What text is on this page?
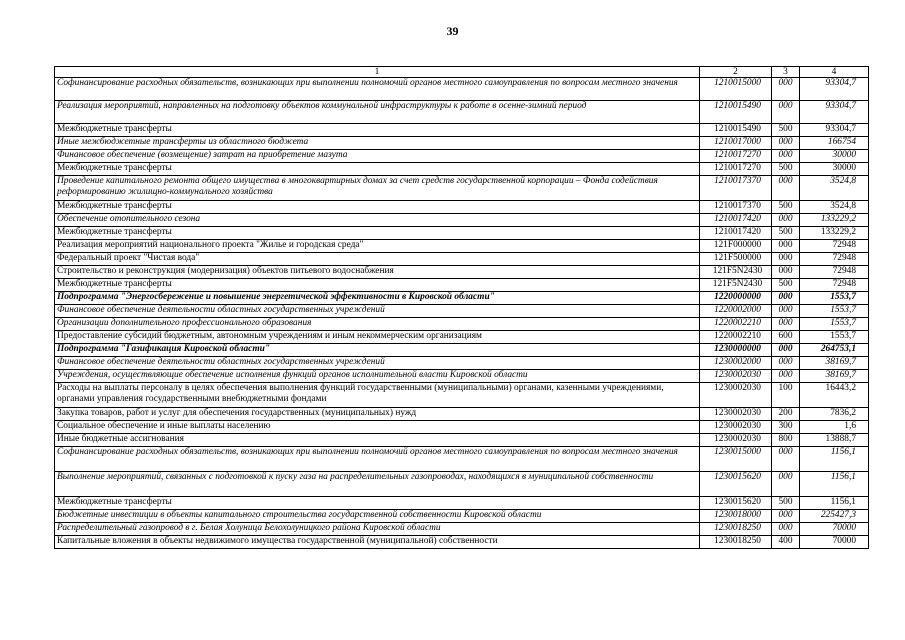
39
1	2	3	4
Софинансирование расходных обязательств, возникающих при выполнении полномочий органов местного самоуправления по вопросам местного значения	1210015000	000	93304,7
Реализация мероприятий, направленных на подготовку объектов коммунальной инфраструктуры к работе в осенне-зимний период	1210015490	000	93304,7
Межбюджетные трансферты	1210015490	500	93304,7
Иные межбюджетные трансферты из областного бюджета	1210017000	000	166754
Финансовое обеспечение (возмещение) затрат на приобретение мазута	1210017270	000	30000
Межбюджетные трансферты	1210017270	500	30000
Проведение капитального ремонта общего имущества в многоквартирных домах за счет средств государственной корпорации – Фонда содействия реформированию жилищно-коммунального хозяйства	1210017370	000	3524,8
Межбюджетные трансферты	1210017370	500	3524,8
Обеспечение отопительного сезона	1210017420	000	133229,2
Межбюджетные трансферты	1210017420	500	133229,2
Реализация мероприятий национального проекта "Жилье и городская среда"	121F000000	000	72948
Федеральный проект "Чистая вода"	121F500000	000	72948
Строительство и реконструкция (модернизация) объектов питьевого водоснабжения	121F5N2430	000	72948
Межбюджетные трансферты	121F5N2430	500	72948
Подпрограмма "Энергосбережение и повышение энергетической эффективности в Кировской области"	1220000000	000	1553,7
Финансовое обеспечение деятельности областных государственных учреждений	1220002000	000	1553,7
Организации дополнительного профессионального образования	1220002210	000	1553,7
Предоставление субсидий бюджетным, автономным учреждениям и иным некоммерческим организациям	1220002210	600	1553,7
Подпрограмма "Газификация Кировской области"	1230000000	000	264753,1
Финансовое обеспечение деятельности областных государственных учреждений	1230002000	000	38169,7
Учреждения, осуществляющие обеспечение исполнения функций органов исполнительной власти Кировской области	1230002030	000	38169,7
Расходы на выплаты персоналу в целях обеспечения выполнения функций государственными (муниципальными) органами, казенными учреждениями, органами управления государственными внебюджетными фондами	1230002030	100	16443,2
Закупка товаров, работ и услуг для обеспечения государственных (муниципальных) нужд	1230002030	200	7836,2
Социальное обеспечение и иные выплаты населению	1230002030	300	1,6
Иные бюджетные ассигнования	1230002030	800	13888,7
Софинансирование расходных обязательств, возникающих при выполнении полномочий органов местного самоуправления по вопросам местного значения	1230015000	000	1156,1
Выполнение мероприятий, связанных с подготовкой к пуску газа на распределительных газопроводах, находящихся в муниципальной собственности	1230015620	000	1156,1
Межбюджетные трансферты	1230015620	500	1156,1
Бюджетные инвестиции в объекты капитального строительства государственной собственности Кировской области	1230018000	000	225427,3
Распределительный газопровод в г. Белая Холуница Белохолуницкого района Кировской области	1230018250	000	70000
Капитальные вложения в объекты недвижимого имущества государственной (муниципальной) собственности	1230018250	400	70000
